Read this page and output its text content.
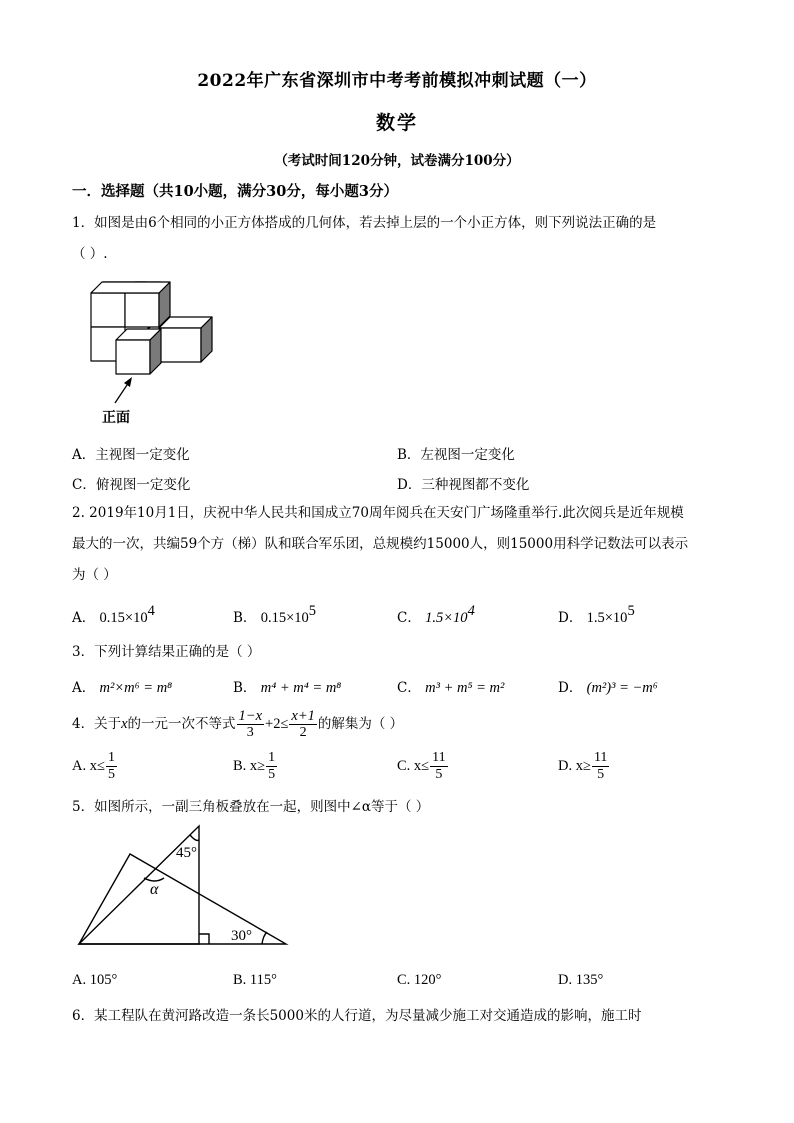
2022年广东省深圳市中考考前模拟冲刺试题（一）
数学
（考试时间120分钟，试卷满分100分）
一．选择题（共10小题，满分30分，每小题3分）
1．如图是由6个相同的小正方体搭成的几何体，若去掉上层的一个小正方体，则下列说法正确的是
（ ）.
正面
A．主视图一定变化	B．左视图一定变化
C．俯视图一定变化	D．三种视图都不变化
2. 2019年10月1日，庆祝中华人民共和国成立70周年阅兵在天安门广场隆重举行.此次阅兵是近年规模
最大的一次，共编59个方（梯）队和联合军乐团，总规模约15000人，则15000用科学记数法可以表示
为（ ）
A． $0.15\times 10^4$	B． $0.15\times 10^5$	C． $1.5\times 10^4$	D． $1.5\times 10^5$
3．下列计算结果正确的是（ ）
A． m²×m⁶ = m⁸	B． m⁴ + m⁴ = m⁸	C． m³ + m⁵ = m²	D． (m²)³ = −m⁶
4．关于x的一元一次不等式 $\frac{1-x}{3} +2\le \frac{x+1}{2}$ 的解集为（ ）
A. $x\le \frac{1}{5}$	B. $x\ge \frac{1}{5}$	C. $x\le \frac{11}{5}$	D. $x\ge \frac{11}{5}$
5．如图所示，一副三角板叠放在一起，则图中∠α等于（ ）
45°
α
30°
A. 105°	B. 115°	C. 120°	D. 135°
6．某工程队在黄河路改造一条长5000米的人行道，为尽量减少施工对交通造成的影响，施工时
